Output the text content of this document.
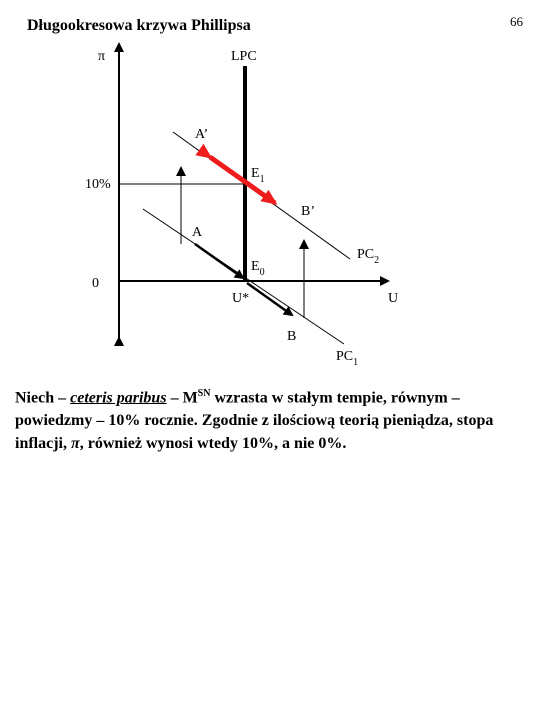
66
Długookresowa krzywa Phillipsa
π	LPC
10%
0
U
A’
$E_1$
B’
A
$E_0$
U*
B
$PC_2$
$PC_1$
Niech – ceteris paribus – $M^{SN}$ wzrasta w stałym tempie, równym – powiedzmy – 10% rocznie. Zgodnie z ilościową teorią pieniądza, stopa inflacji, π, również wynosi wtedy 10%, a nie 0%.
